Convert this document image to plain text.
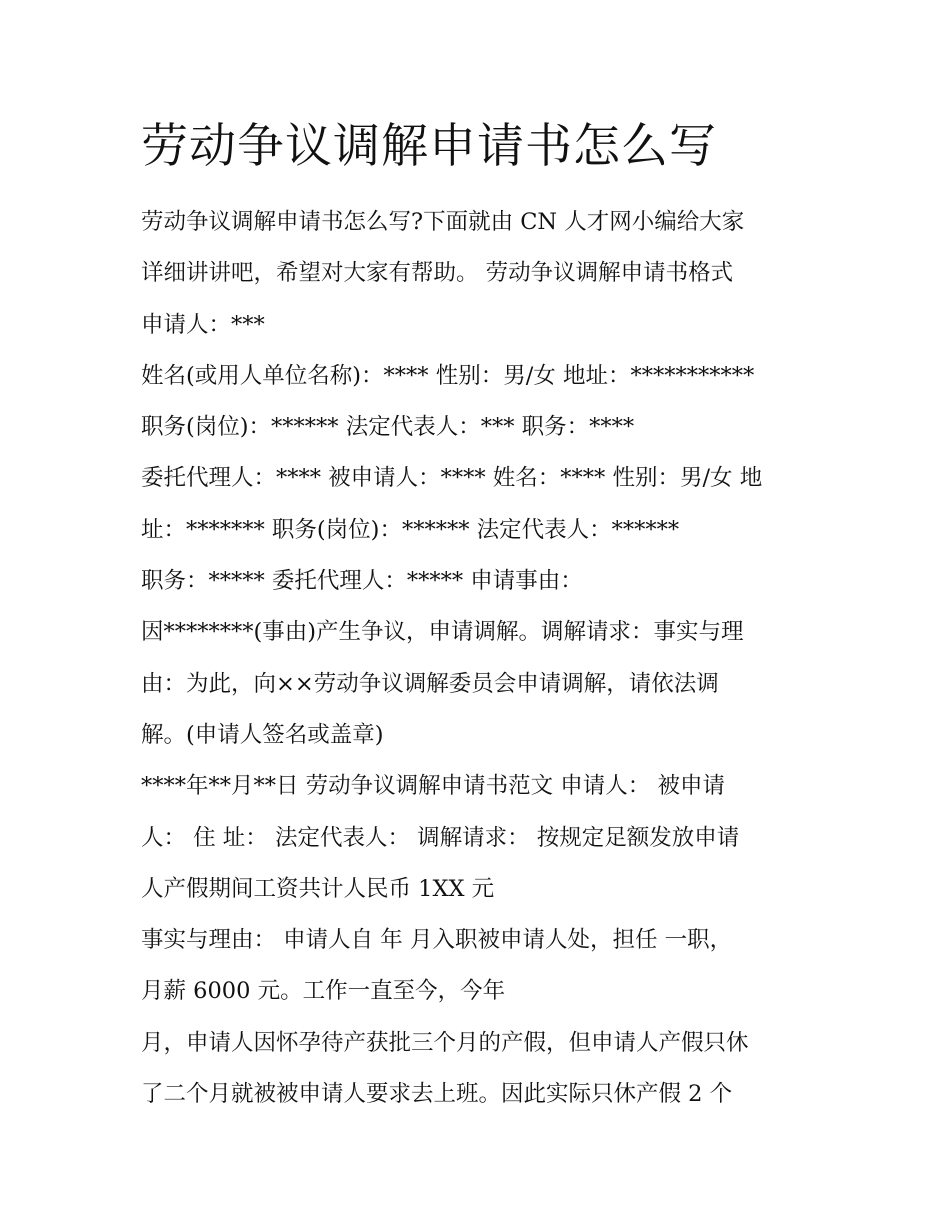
劳动争议调解申请书怎么写
劳动争议调解申请书怎么写?下面就由 CN 人才网小编给大家
详细讲讲吧，希望对大家有帮助。 劳动争议调解申请书格式
申请人：***
姓名(或用人单位名称)：**** 性别：男/女 地址：***********
职务(岗位)：****** 法定代表人：*** 职务：****
委托代理人：**** 被申请人：**** 姓名：**** 性别：男/女 地
址：******* 职务(岗位)：****** 法定代表人：******
职务：***** 委托代理人：***** 申请事由：
因********(事由)产生争议，申请调解。调解请求：事实与理
由：为此，向××劳动争议调解委员会申请调解，请依法调
解。(申请人签名或盖章)
****年**月**日 劳动争议调解申请书范文 申请人： 被申请
人： 住 址： 法定代表人： 调解请求： 按规定足额发放申请
人产假期间工资共计人民币 1XX 元
事实与理由： 申请人自 年 月入职被申请人处，担任 一职，
月薪 6000 元。工作一直至今，今年
月，申请人因怀孕待产获批三个月的产假，但申请人产假只休
了二个月就被被申请人要求去上班。因此实际只休产假 2 个
